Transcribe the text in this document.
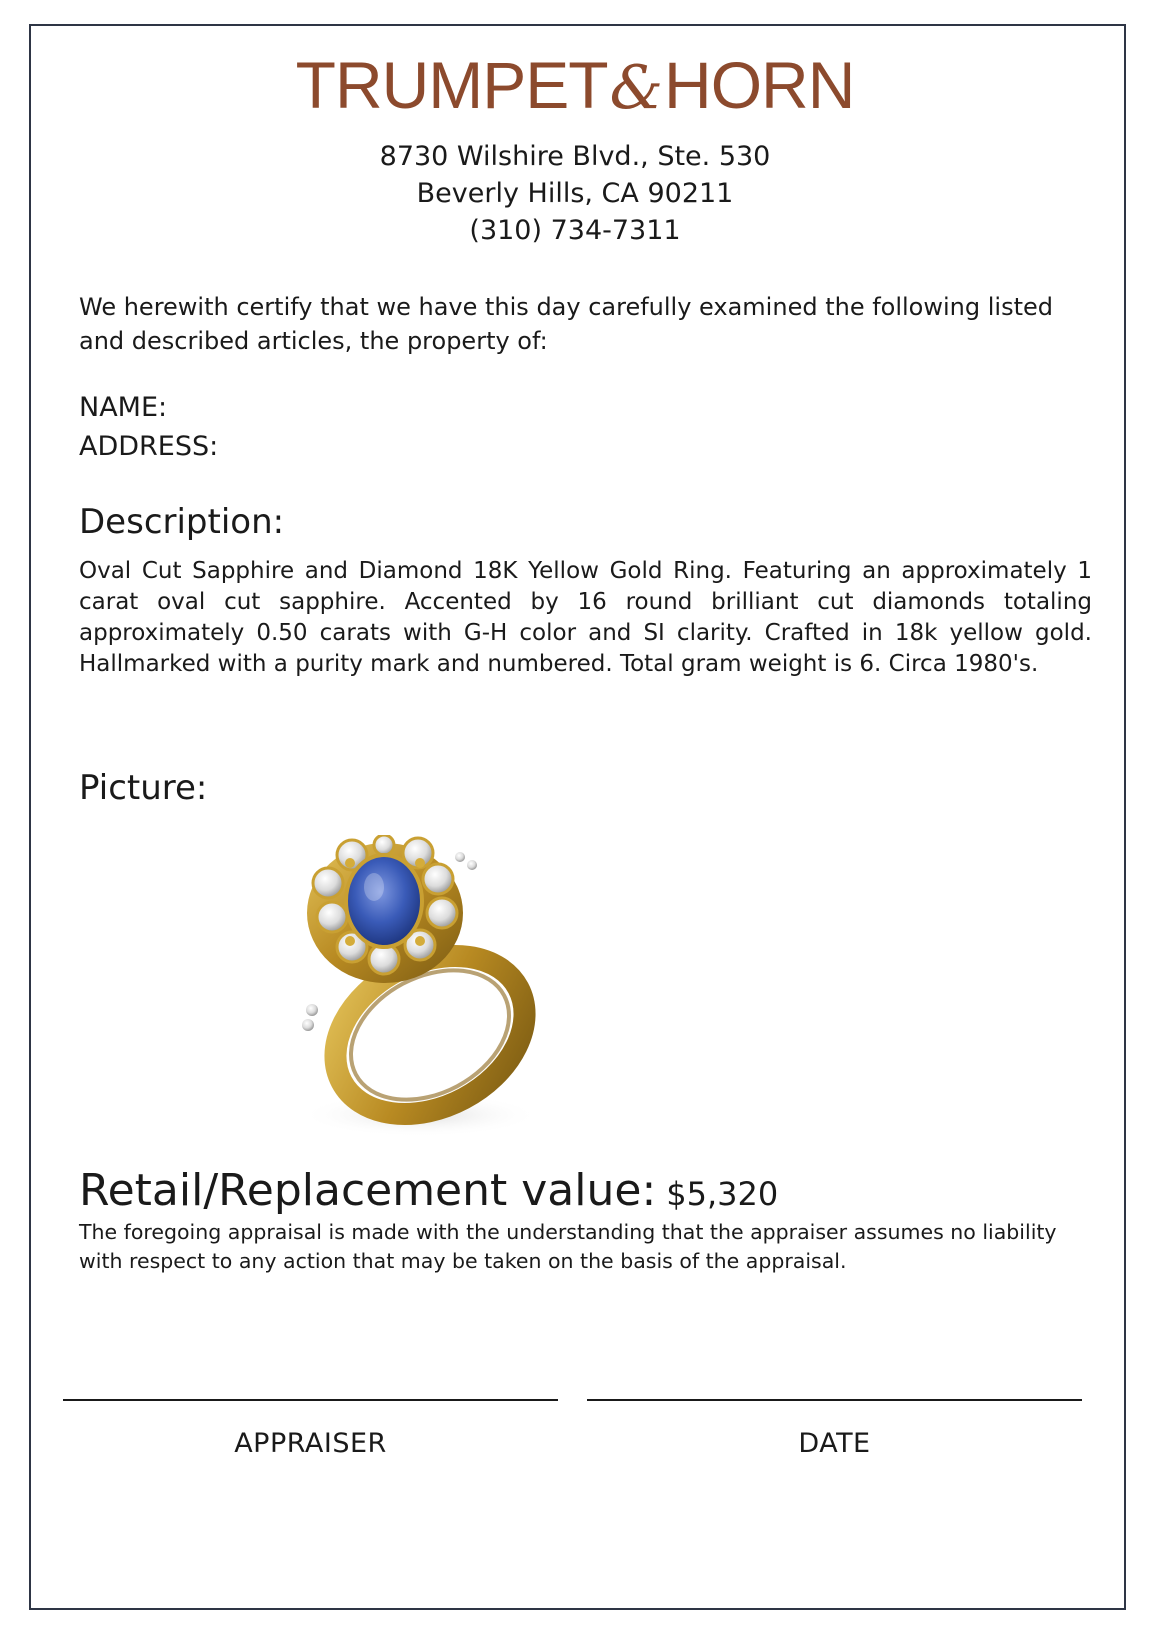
TRUMPET&HORN
8730 Wilshire Blvd., Ste. 530
Beverly Hills, CA 90211
(310) 734-7311
We herewith certify that we have this day carefully examined the following listed and described articles, the property of:
NAME:
ADDRESS:
Description:
Oval Cut Sapphire and Diamond 18K Yellow Gold Ring. Featuring an approximately 1 carat oval cut sapphire. Accented by 16 round brilliant cut diamonds totaling approximately 0.50 carats with G-H color and SI clarity. Crafted in 18k yellow gold. Hallmarked with a purity mark and numbered. Total gram weight is 6. Circa 1980's.
Picture:
Retail/Replacement value: $5,320
The foregoing appraisal is made with the understanding that the appraiser assumes no liability with respect to any action that may be taken on the basis of the appraisal.
APPRAISER	DATE
